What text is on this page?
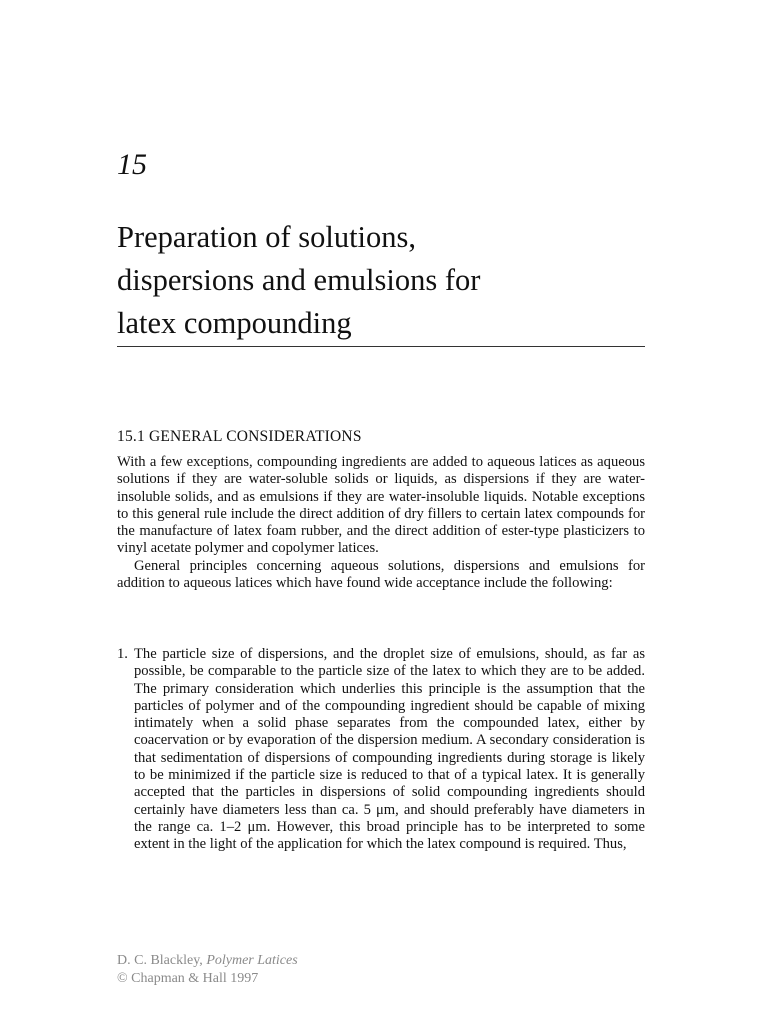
15
Preparation of solutions,
dispersions and emulsions for
latex compounding
15.1 GENERAL CONSIDERATIONS

With a few exceptions, compounding ingredients are added to aqueous latices as aqueous solutions if they are water-soluble solids or liquids, as dispersions if they are water-insoluble solids, and as emulsions if they are water-insoluble liquids. Notable exceptions to this general rule include the direct addition of dry fillers to certain latex compounds for the manufacture of latex foam rubber, and the direct addition of ester-type plasticizers to vinyl acetate polymer and copolymer latices.

General principles concerning aqueous solutions, dispersions and emulsions for addition to aqueous latices which have found wide acceptance include the following:

1. The particle size of dispersions, and the droplet size of emulsions, should, as far as possible, be comparable to the particle size of the latex to which they are to be added. The primary consideration which underlies this principle is the assumption that the particles of polymer and of the compounding ingredient should be capable of mixing intimately when a solid phase separates from the compounded latex, either by coacervation or by evaporation of the dispersion medium. A secondary consideration is that sedimentation of dispersions of compounding ingredients during storage is likely to be minimized if the particle size is reduced to that of a typical latex. It is generally accepted that the particles in dispersions of solid compounding ingredients should certainly have diameters less than ca. 5 μm, and should preferably have diameters in the range ca. 1–2 μm. However, this broad principle has to be interpreted to some extent in the light of the application for which the latex compound is required. Thus,
D. C. Blackley, Polymer Latices
© Chapman & Hall 1997
